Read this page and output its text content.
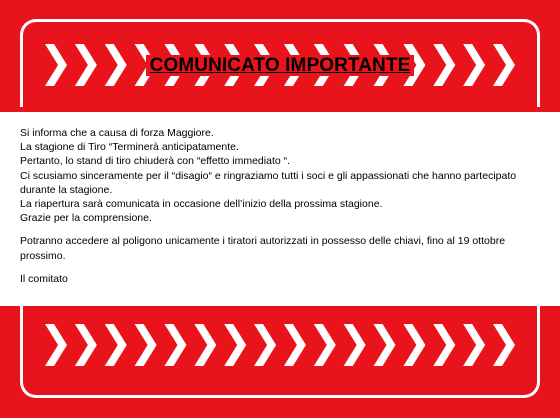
COMUNICATO IMPORTANTE

Si informa che a causa di forza Maggiore.

La stagione di Tiro “Terminerà anticipatamente.

Pertanto, lo stand di tiro chiuderà con “effetto immediato “.

Ci scusiamo sinceramente per il “disagio“ e ringraziamo tutti i soci e gli appassionati che hanno partecipato durante la stagione.

La riapertura sarà comunicata in occasione dell’inizio della prossima stagione.

Grazie per la comprensione.

Potranno accedere al poligono unicamente i tiratori autorizzati in possesso delle chiavi, fino al 19 ottobre prossimo.

Il comitato
